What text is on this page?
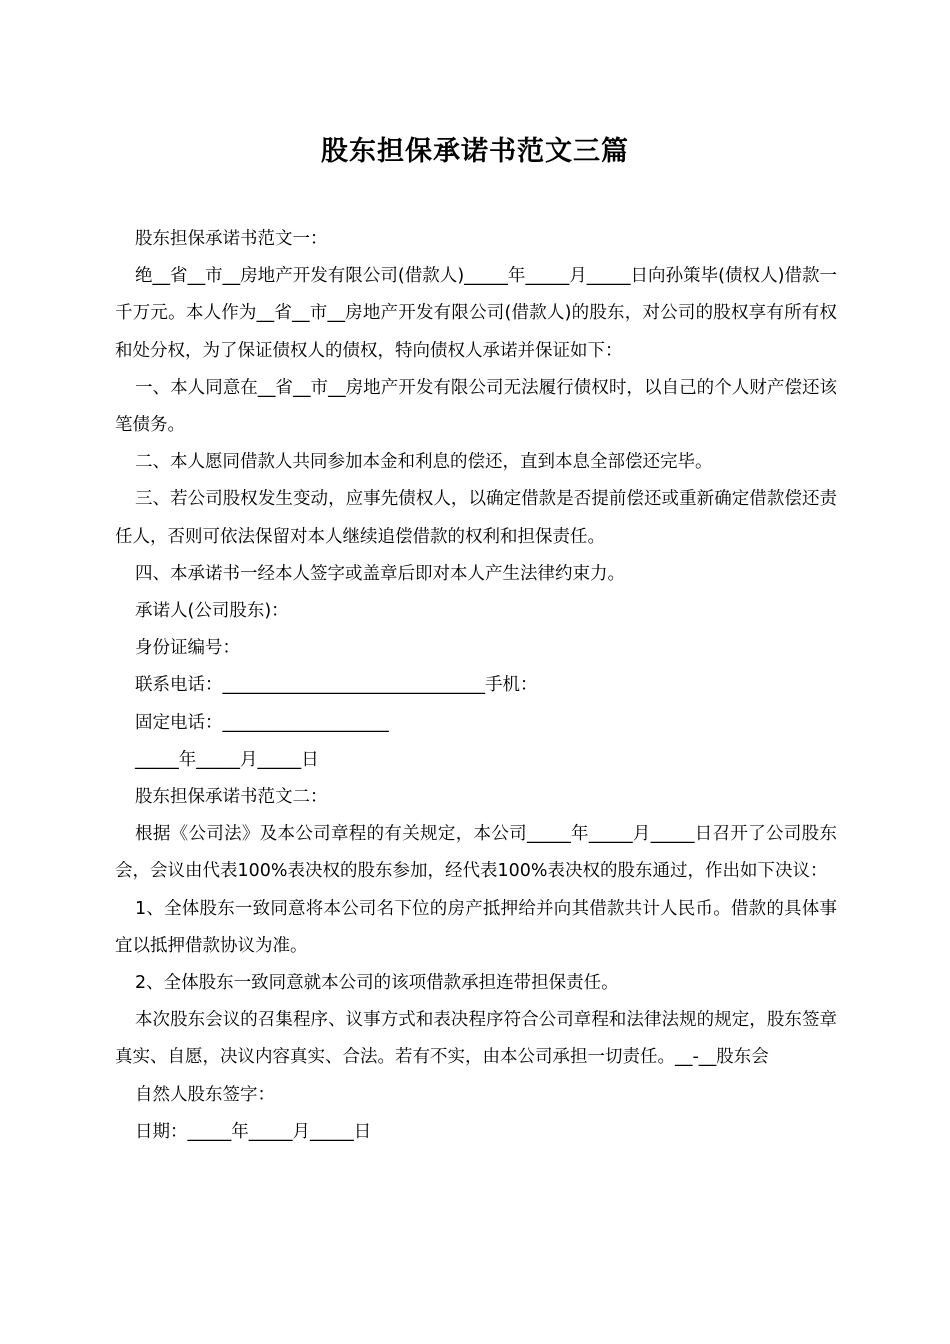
股东担保承诺书范文三篇

股东担保承诺书范文一：

绝__省__市__房地产开发有限公司(借款人)_____年_____月_____日向孙策毕(债权人)借款一千万元。本人作为__省__市__房地产开发有限公司(借款人)的股东，对公司的股权享有所有权和处分权，为了保证债权人的债权，特向债权人承诺并保证如下：

一、本人同意在__省__市__房地产开发有限公司无法履行债权时，以自己的个人财产偿还该笔债务。

二、本人愿同借款人共同参加本金和利息的偿还，直到本息全部偿还完毕。

三、若公司股权发生变动，应事先债权人，以确定借款是否提前偿还或重新确定借款偿还责任人，否则可依法保留对本人继续追偿借款的权利和担保责任。

四、本承诺书一经本人签字或盖章后即对本人产生法律约束力。

承诺人(公司股东)：

身份证编号：

联系电话：______________________________手机：

固定电话：___________________

_____年_____月_____日

股东担保承诺书范文二：

根据《公司法》及本公司章程的有关规定，本公司_____年_____月_____日召开了公司股东会，会议由代表100%表决权的股东参加，经代表100%表决权的股东通过，作出如下决议：

1、全体股东一致同意将本公司名下位的房产抵押给并向其借款共计人民币。借款的具体事宜以抵押借款协议为准。

2、全体股东一致同意就本公司的该项借款承担连带担保责任。

本次股东会议的召集程序、议事方式和表决程序符合公司章程和法律法规的规定，股东签章真实、自愿，决议内容真实、合法。若有不实，由本公司承担一切责任。__-__股东会

自然人股东签字：

日期：_____年_____月_____日
